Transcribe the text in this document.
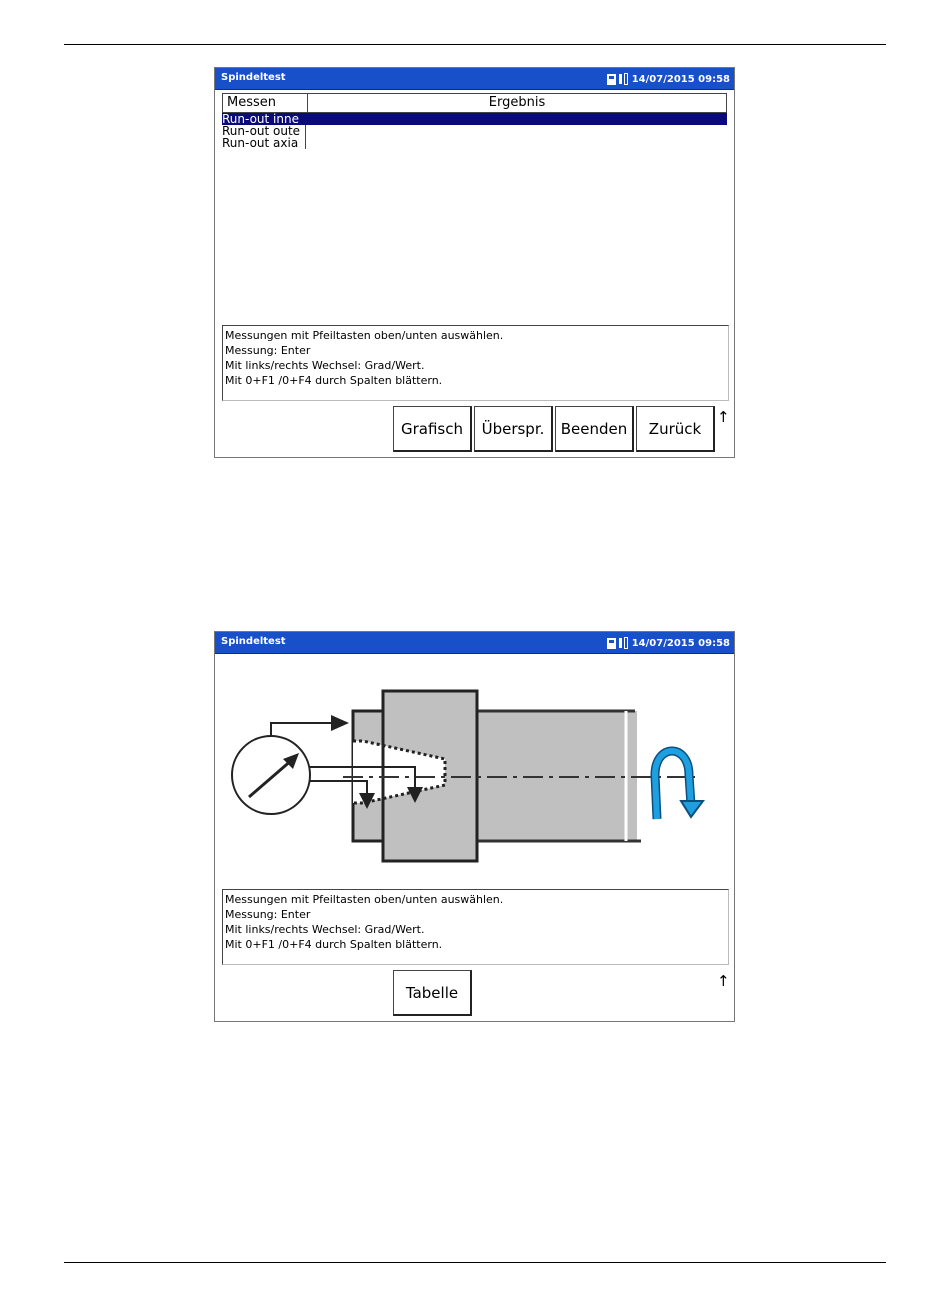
Spindeltest	14/07/2015 09:58
Messen	Ergebnis
Run-out inne
Run-out oute
Run-out axia
Messungen mit Pfeiltasten oben/unten auswählen.
Messung: Enter
Mit links/rechts Wechsel: Grad/Wert.
Mit 0+F1 /0+F4 durch Spalten blättern.
Grafisch	Überspr.	Beenden	Zurück
↑
Spindeltest	14/07/2015 09:58
Messungen mit Pfeiltasten oben/unten auswählen.
Messung: Enter
Mit links/rechts Wechsel: Grad/Wert.
Mit 0+F1 /0+F4 durch Spalten blättern.
Tabelle
↑
